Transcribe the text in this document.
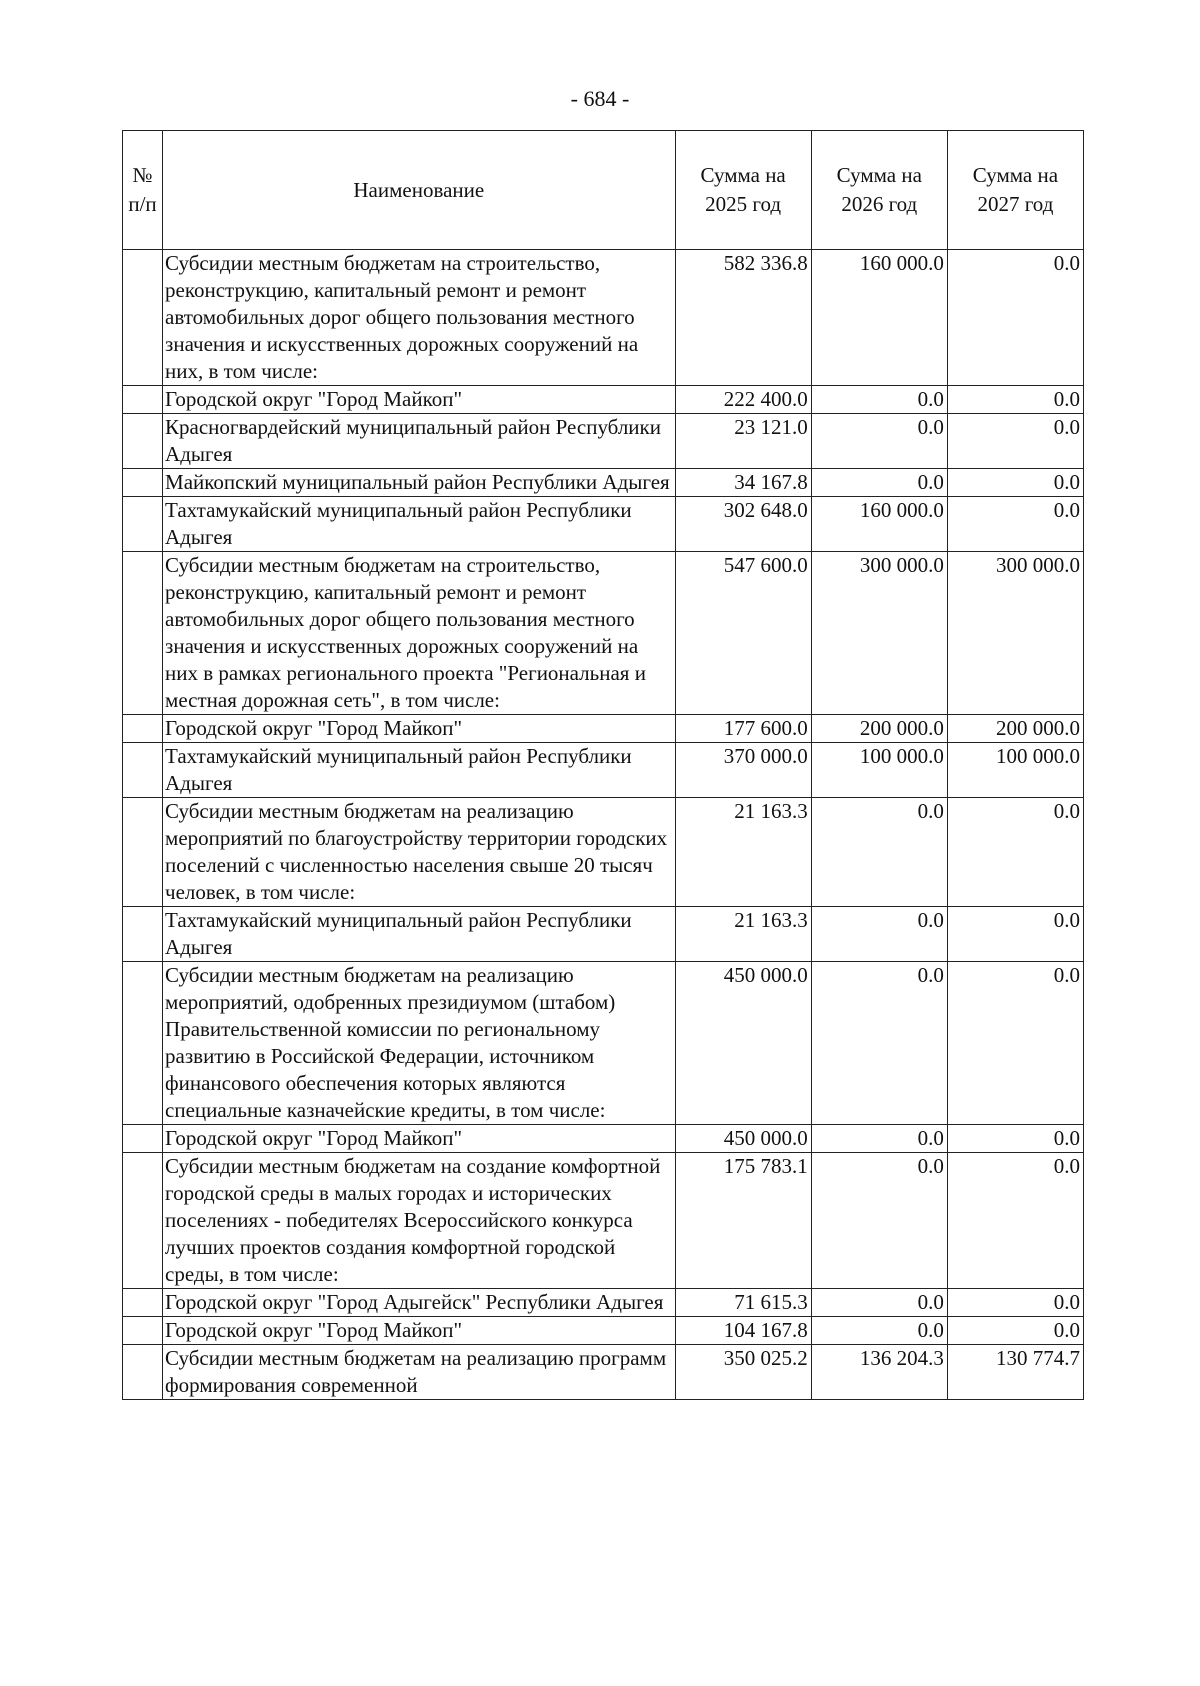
- 684 -
№ п/п	Наименование	Сумма на 2025 год	Сумма на 2026 год	Сумма на 2027 год
	Субсидии местным бюджетам на строительство, реконструкцию, капитальный ремонт и ремонт автомобильных дорог общего пользования местного значения и искусственных дорожных сооружений на них, в том числе:	582 336.8	160 000.0	0.0
	Городской округ "Город Майкоп"	222 400.0	0.0	0.0
	Красногвардейский муниципальный район Республики Адыгея	23 121.0	0.0	0.0
	Майкопский муниципальный район Республики Адыгея	34 167.8	0.0	0.0
	Тахтамукайский муниципальный район Республики Адыгея	302 648.0	160 000.0	0.0
	Субсидии местным бюджетам на строительство, реконструкцию, капитальный ремонт и ремонт автомобильных дорог общего пользования местного значения и искусственных дорожных сооружений на них в рамках регионального проекта "Региональная и местная дорожная сеть", в том числе:	547 600.0	300 000.0	300 000.0
	Городской округ "Город Майкоп"	177 600.0	200 000.0	200 000.0
	Тахтамукайский муниципальный район Республики Адыгея	370 000.0	100 000.0	100 000.0
	Субсидии местным бюджетам на реализацию мероприятий по благоустройству территории городских поселений с численностью населения свыше 20 тысяч человек, в том числе:	21 163.3	0.0	0.0
	Тахтамукайский муниципальный район Республики Адыгея	21 163.3	0.0	0.0
	Субсидии местным бюджетам на реализацию мероприятий, одобренных президиумом (штабом) Правительственной комиссии по региональному развитию в Российской Федерации, источником финансового обеспечения которых являются специальные казначейские кредиты, в том числе:	450 000.0	0.0	0.0
	Городской округ "Город Майкоп"	450 000.0	0.0	0.0
	Субсидии местным бюджетам на создание комфортной городской среды в малых городах и исторических поселениях - победителях Всероссийского конкурса лучших проектов создания комфортной городской среды, в том числе:	175 783.1	0.0	0.0
	Городской округ "Город Адыгейск" Республики Адыгея	71 615.3	0.0	0.0
	Городской округ "Город Майкоп"	104 167.8	0.0	0.0
	Субсидии местным бюджетам на реализацию программ формирования современной	350 025.2	136 204.3	130 774.7
